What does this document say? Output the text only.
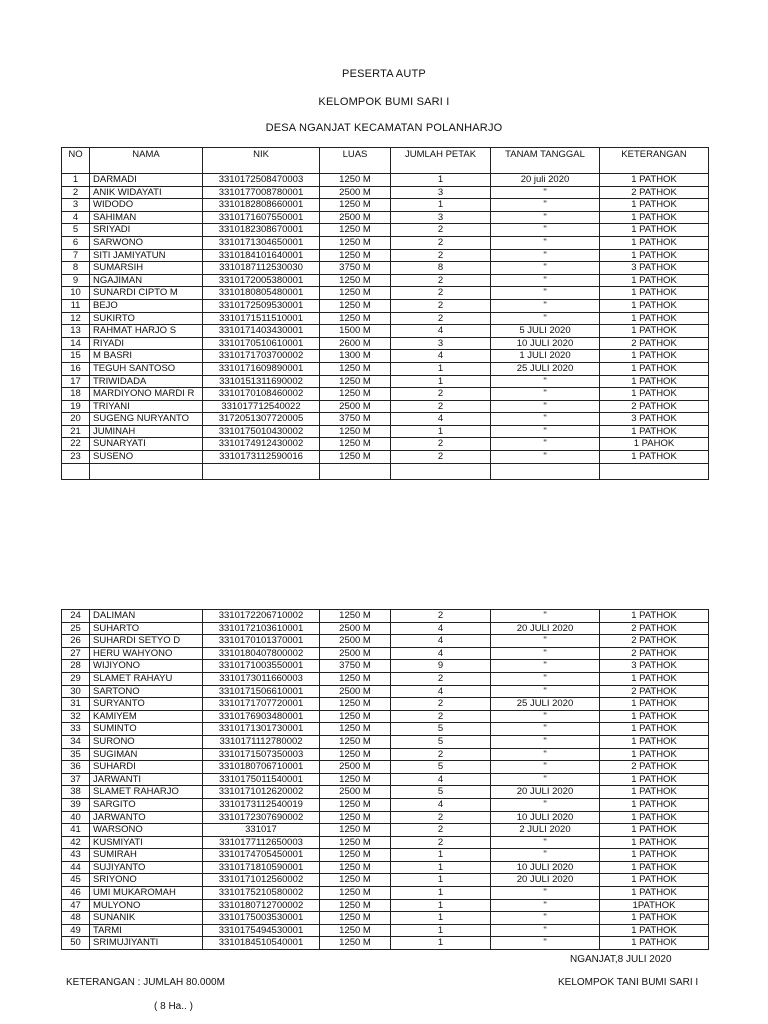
PESERTA AUTP
KELOMPOK BUMI SARI I
DESA NGANJAT KECAMATAN POLANHARJO
NO	NAMA	NIK	LUAS	JUMLAH PETAK	TANAM TANGGAL	KETERANGAN
1	DARMADI	3310172508470003	1250 M	1	20 juli 2020	1 PATHOK
2	ANIK WIDAYATI	3310177008780001	2500 M	3	"	2 PATHOK
3	WIDODO	3310182808660001	1250 M	1	"	1 PATHOK
4	SAHIMAN	3310171607550001	2500 M	3	"	1 PATHOK
5	SRIYADI	3310182308670001	1250 M	2	"	1 PATHOK
6	SARWONO	3310171304650001	1250 M	2	"	1 PATHOK
7	SITI JAMIYATUN	3310184101640001	1250 M	2	"	1 PATHOK
8	SUMARSIH	3310187112530030	3750 M	8	"	3 PATHOK
9	NGAJIMAN	3310172005380001	1250 M	2	"	1 PATHOK
10	SUNARDI CIPTO M	3310180805480001	1250 M	2	"	1 PATHOK
11	BEJO	3310172509530001	1250 M	2	"	1 PATHOK
12	SUKIRTO	3310171511510001	1250 M	2	"	1 PATHOK
13	RAHMAT HARJO S	3310171403430001	1500 M	4	5 JULI 2020	1 PATHOK
14	RIYADI	3310170510610001	2600 M	3	10 JULI 2020	2 PATHOK
15	M BASRI	3310171703700002	1300 M	4	1 JULI 2020	1 PATHOK
16	TEGUH SANTOSO	3310171609890001	1250 M	1	25 JULI 2020	1 PATHOK
17	TRIWIDADA	3310151311690002	1250 M	1	"	1 PATHOK
18	MARDIYONO MARDI R	3310170108460002	1250 M	2	"	1 PATHOK
19	TRIYANI	331017712540022	2500 M	2	"	2 PATHOK
20	SUGENG NURYANTO	3172051307720005	3750 M	4	"	3 PATHOK
21	JUMINAH	3310175010430002	1250 M	1	"	1 PATHOK
22	SUNARYATI	3310174912430002	1250 M	2	"	1 PAHOK
23	SUSENO	3310173112590016	1250 M	2	"	1 PATHOK

24	DALIMAN	3310172206710002	1250 M	2	"	1 PATHOK
25	SUHARTO	3310172103610001	2500 M	4	20 JULI 2020	2 PATHOK
26	SUHARDI SETYO D	3310170101370001	2500 M	4	"	2 PATHOK
27	HERU WAHYONO	3310180407800002	2500 M	4	"	2 PATHOK
28	WIJIYONO	3310171003550001	3750 M	9	"	3 PATHOK
29	SLAMET RAHAYU	3310173011660003	1250 M	2	"	1 PATHOK
30	SARTONO	3310171506610001	2500 M	4	"	2 PATHOK
31	SURYANTO	3310171707720001	1250 M	2	25 JULI 2020	1 PATHOK
32	KAMIYEM	3310176903480001	1250 M	2	"	1 PATHOK
33	SUMINTO	3310171301730001	1250 M	5	"	1 PATHOK
34	SURONO	3310171112780002	1250 M	5	"	1 PATHOK
35	SUGIMAN	3310171507350003	1250 M	2	"	1 PATHOK
36	SUHARDI	3310180706710001	2500 M	5	"	2 PATHOK
37	JARWANTI	3310175011540001	1250 M	4	"	1 PATHOK
38	SLAMET RAHARJO	3310171012620002	2500 M	5	20 JULI 2020	1 PATHOK
39	SARGITO	3310173112540019	1250 M	4	"	1 PATHOK
40	JARWANTO	3310172307690002	1250 M	2	10 JULI 2020	1 PATHOK
41	WARSONO	331017	1250 M	2	2 JULI 2020	1 PATHOK
42	KUSMIYATI	3310177112650003	1250 M	2	"	1 PATHOK
43	SUMIRAH	3310174705450001	1250 M	1	"	1 PATHOK
44	SUJIYANTO	3310171810590001	1250 M	1	10 JULI 2020	1 PATHOK
45	SRIYONO	3310171012560002	1250 M	1	20 JULI 2020	1 PATHOK
46	UMI MUKAROMAH	3310175210580002	1250 M	1	"	1 PATHOK
47	MULYONO	3310180712700002	1250 M	1	"	1PATHOK
48	SUNANIK	3310175003530001	1250 M	1	"	1 PATHOK
49	TARMI	3310175494530001	1250 M	1	"	1 PATHOK
50	SRIMUJIYANTI	3310184510540001	1250 M	1	"	1 PATHOK
NGANJAT,8 JULI 2020
KETERANGAN : JUMLAH 80.000M	KELOMPOK TANI BUMI SARI I
( 8 Ha.. )
